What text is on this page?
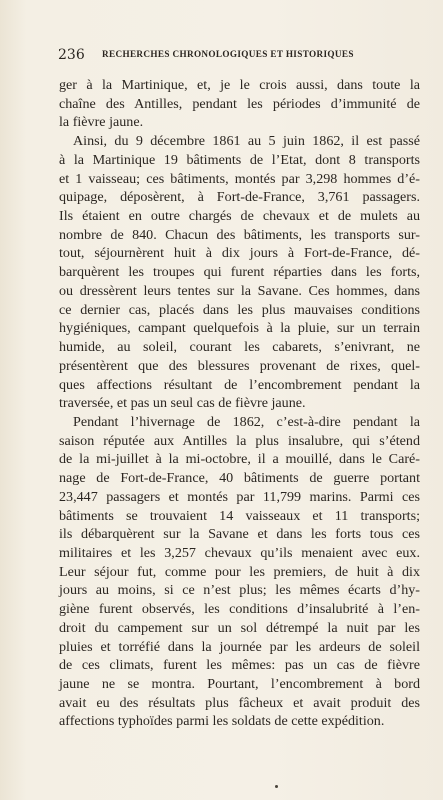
236 RECHERCHES CHRONOLOGIQUES ET HISTORIQUES
ger à la Martinique, et, je le crois aussi, dans toute la
chaîne des Antilles, pendant les périodes d’immunité de
la fièvre jaune.
Ainsi, du 9 décembre 1861 au 5 juin 1862, il est passé
à la Martinique 19 bâtiments de l’Etat, dont 8 transports
et 1 vaisseau; ces bâtiments, montés par 3,298 hommes d’é-
quipage, déposèrent, à Fort-de-France, 3,761 passagers.
Ils étaient en outre chargés de chevaux et de mulets au
nombre de 840. Chacun des bâtiments, les transports sur-
tout, séjournèrent huit à dix jours à Fort-de-France, dé-
barquèrent les troupes qui furent réparties dans les forts,
ou dressèrent leurs tentes sur la Savane. Ces hommes, dans
ce dernier cas, placés dans les plus mauvaises conditions
hygiéniques, campant quelquefois à la pluie, sur un terrain
humide, au soleil, courant les cabarets, s’enivrant, ne
présentèrent que des blessures provenant de rixes, quel-
ques affections résultant de l’encombrement pendant la
traversée, et pas un seul cas de fièvre jaune.
Pendant l’hivernage de 1862, c’est-à-dire pendant la
saison réputée aux Antilles la plus insalubre, qui s’étend
de la mi-juillet à la mi-octobre, il a mouillé, dans le Caré-
nage de Fort-de-France, 40 bâtiments de guerre portant
23,447 passagers et montés par 11,799 marins. Parmi ces
bâtiments se trouvaient 14 vaisseaux et 11 transports;
ils débarquèrent sur la Savane et dans les forts tous ces
militaires et les 3,257 chevaux qu’ils menaient avec eux.
Leur séjour fut, comme pour les premiers, de huit à dix
jours au moins, si ce n’est plus; les mêmes écarts d’hy-
giène furent observés, les conditions d’insalubrité à l’en-
droit du campement sur un sol détrempé la nuit par les
pluies et torréfié dans la journée par les ardeurs de soleil
de ces climats, furent les mêmes: pas un cas de fièvre
jaune ne se montra. Pourtant, l’encombrement à bord
avait eu des résultats plus fâcheux et avait produit des
affections typhoïdes parmi les soldats de cette expédition.
